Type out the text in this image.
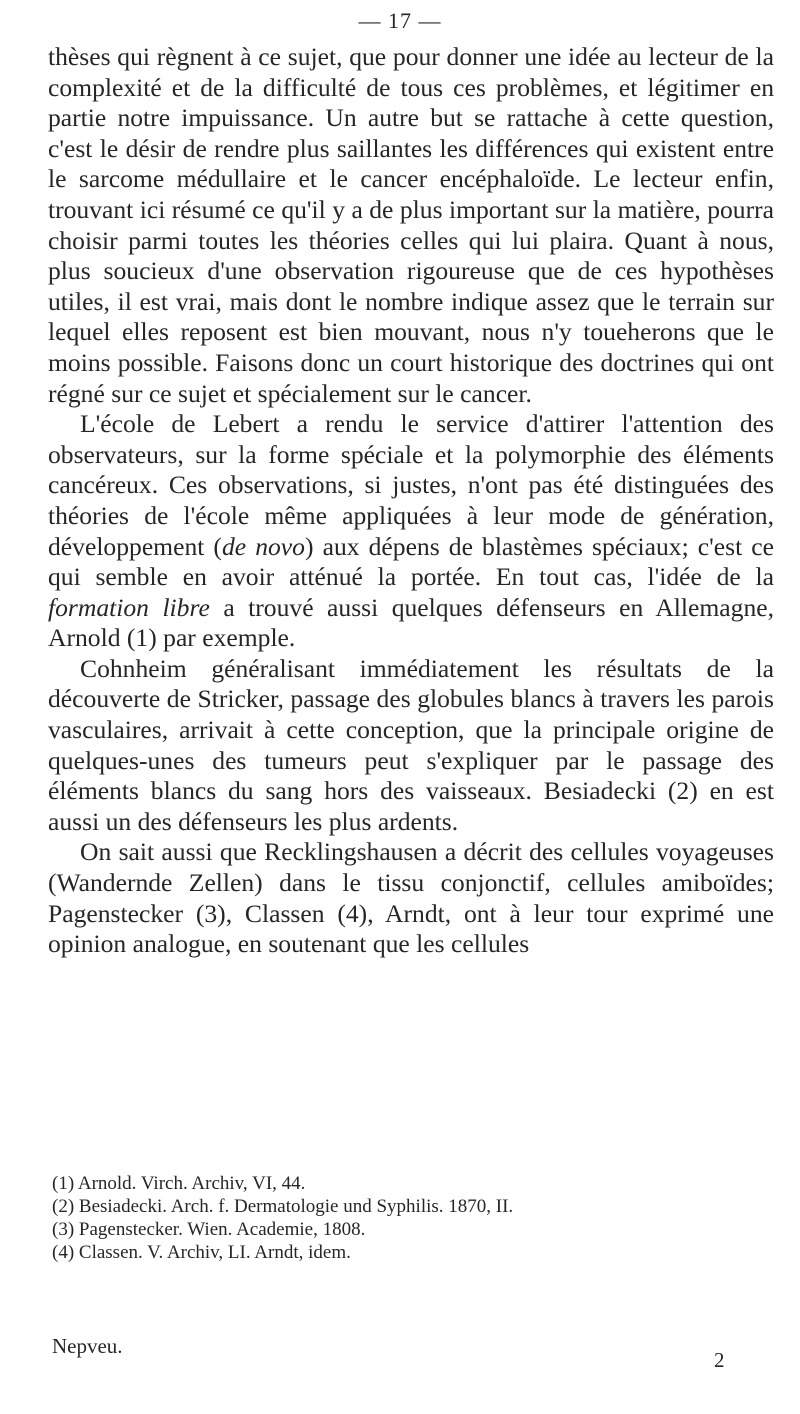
— 17 —

thèses qui règnent à ce sujet, que pour donner une idée au lecteur de la complexité et de la difficulté de tous ces problèmes, et légitimer en partie notre impuissance. Un autre but se rattache à cette question, c'est le désir de rendre plus saillantes les différences qui existent entre le sarcome médullaire et le cancer encéphaloïde. Le lecteur enfin, trouvant ici résumé ce qu'il y a de plus important sur la matière, pourra choisir parmi toutes les théories celles qui lui plaira. Quant à nous, plus soucieux d'une observation rigoureuse que de ces hypothèses utiles, il est vrai, mais dont le nombre indique assez que le terrain sur lequel elles reposent est bien mouvant, nous n'y toueherons que le moins possible. Faisons donc un court historique des doctrines qui ont régné sur ce sujet et spécialement sur le cancer.

L'école de Lebert a rendu le service d'attirer l'attention des observateurs, sur la forme spéciale et la polymorphie des éléments cancéreux. Ces observations, si justes, n'ont pas été distinguées des théories de l'école même appliquées à leur mode de génération, développement (de novo) aux dépens de blastèmes spéciaux; c'est ce qui semble en avoir atténué la portée. En tout cas, l'idée de la formation libre a trouvé aussi quelques défenseurs en Allemagne, Arnold (1) par exemple.

Cohnheim généralisant immédiatement les résultats de la découverte de Stricker, passage des globules blancs à travers les parois vasculaires, arrivait à cette conception, que la principale origine de quelques-unes des tumeurs peut s'expliquer par le passage des éléments blancs du sang hors des vaisseaux. Besiadecki (2) en est aussi un des défenseurs les plus ardents.

On sait aussi que Recklingshausen a décrit des cellules voyageuses (Wandernde Zellen) dans le tissu conjonctif, cellules amiboïdes; Pagenstecker (3), Classen (4), Arndt, ont à leur tour exprimé une opinion analogue, en soutenant que les cellules

(1) Arnold. Virch. Archiv, VI, 44.
(2) Besiadecki. Arch. f. Dermatologie und Syphilis. 1870, II.
(3) Pagenstecker. Wien. Academie, 1808.
(4) Classen. V. Archiv, LI. Arndt, idem.
Nepveu.
2
